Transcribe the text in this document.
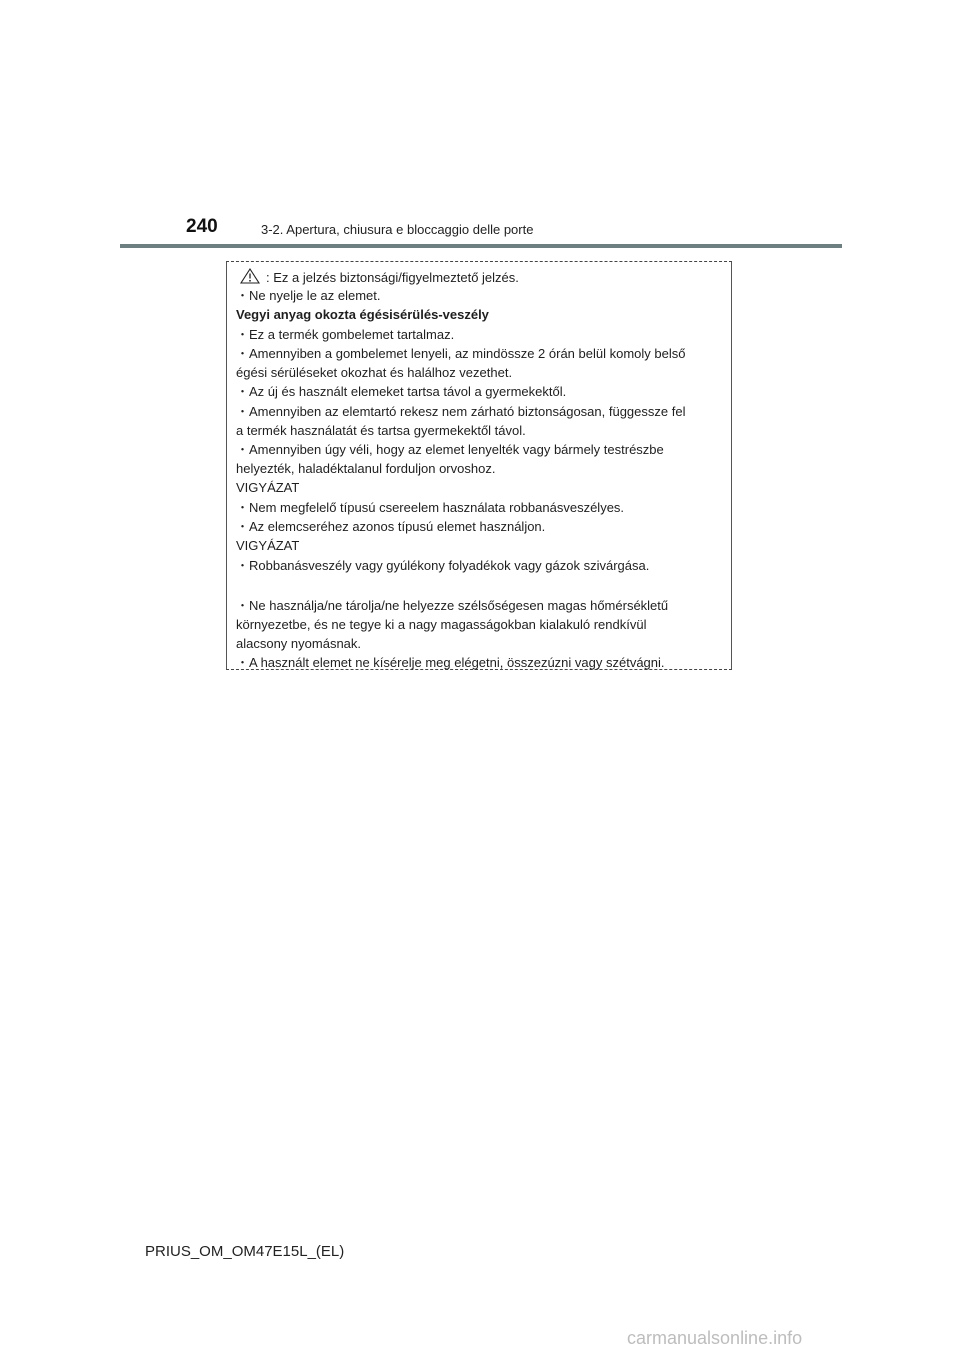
240	3-2. Apertura, chiusura e bloccaggio delle porte
: Ez a jelzés biztonsági/figyelmeztető jelzés.
・Ne nyelje le az elemet.
Vegyi anyag okozta égésisérülés-veszély
・Ez a termék gombelemet tartalmaz.
・Amennyiben a gombelemet lenyeli, az mindössze 2 órán belül komoly belső
égési sérüléseket okozhat és halálhoz vezethet.
・Az új és használt elemeket tartsa távol a gyermekektől.
・Amennyiben az elemtartó rekesz nem zárható biztonságosan, függessze fel
a termék használatát és tartsa gyermekektől távol.
・Amennyiben úgy véli, hogy az elemet lenyelték vagy bármely testrészbe
helyezték, haladéktalanul forduljon orvoshoz.
VIGYÁZAT
・Nem megfelelő típusú csereelem használata robbanásveszélyes.
・Az elemcseréhez azonos típusú elemet használjon.
VIGYÁZAT
・Robbanásveszély vagy gyúlékony folyadékok vagy gázok szivárgása.
・Ne használja/ne tárolja/ne helyezze szélsőségesen magas hőmérsékletű
környezetbe, és ne tegye ki a nagy magasságokban kialakuló rendkívül
alacsony nyomásnak.
・A használt elemet ne kísérelje meg elégetni, összezúzni vagy szétvágni.
PRIUS_OM_OM47E15L_(EL)
carmanualsonline.info
